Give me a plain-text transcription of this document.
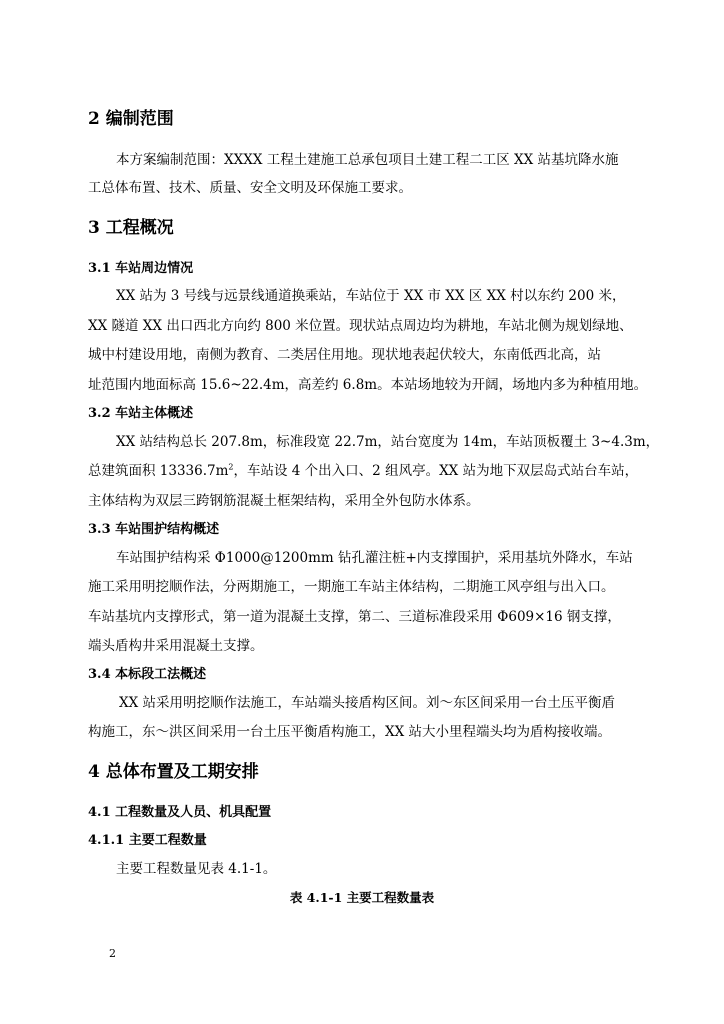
2 编制范围

本方案编制范围：XXXX 工程土建施工总承包项目土建工程二工区 XX 站基坑降水施

工总体布置、技术、质量、安全文明及环保施工要求。

3 工程概况
3.1 车站周边情况

XX 站为 3 号线与远景线通道换乘站，车站位于 XX 市 XX 区 XX 村以东约 200 米，

XX 隧道 XX 出口西北方向约 800 米位置。现状站点周边均为耕地，车站北侧为规划绿地、

城中村建设用地，南侧为教育、二类居住用地。现状地表起伏较大，东南低西北高，站

址范围内地面标高 15.6~22.4m，高差约 6.8m。本站场地较为开阔，场地内多为种植用地。

3.2 车站主体概述

XX 站结构总长 207.8m，标准段宽 22.7m，站台宽度为 14m，车站顶板覆土 3~4.3m，

总建筑面积 $13336.7m^2$，车站设 4 个出入口、2 组风亭。XX 站为地下双层岛式站台车站，

主体结构为双层三跨钢筋混凝土框架结构，采用全外包防水体系。

3.3 车站围护结构概述

车站围护结构采 Φ1000@1200mm 钻孔灌注桩+内支撑围护，采用基坑外降水，车站

施工采用明挖顺作法，分两期施工，一期施工车站主体结构，二期施工风亭组与出入口。

车站基坑内支撑形式，第一道为混凝土支撑，第二、三道标准段采用 Φ609×16 钢支撑，

端头盾构井采用混凝土支撑。

3.4 本标段工法概述

XX 站采用明挖顺作法施工，车站端头接盾构区间。刘～东区间采用一台土压平衡盾

构施工，东～洪区间采用一台土压平衡盾构施工，XX 站大小里程端头均为盾构接收端。

4 总体布置及工期安排
4.1 工程数量及人员、机具配置
4.1.1 主要工程数量

主要工程数量见表 4.1-1。

表 4.1-1 主要工程数量表

2
